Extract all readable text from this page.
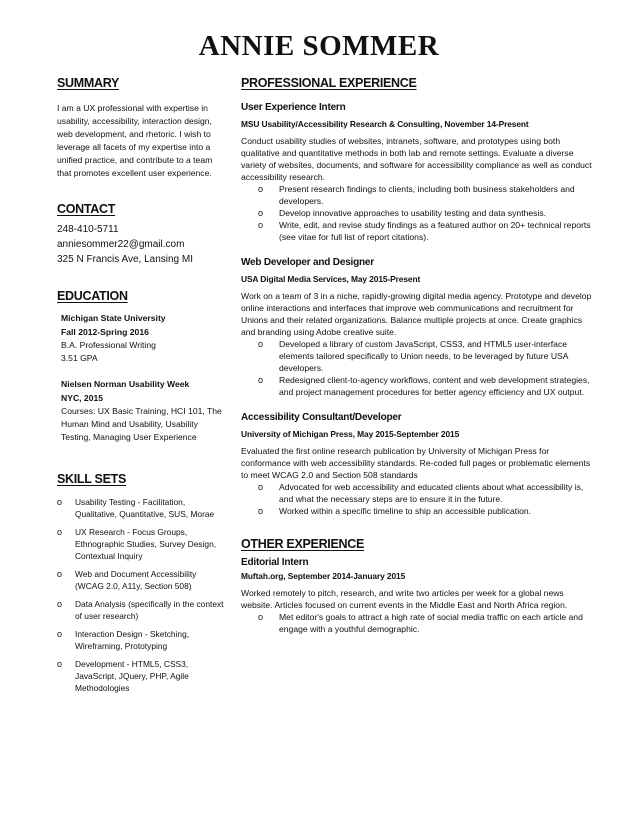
ANNIE SOMMER
SUMMARY
I am a UX professional with expertise in usability, accessibility, interaction design, web development, and rhetoric. I wish to leverage all facets of my expertise into a unified practice, and contribute to a team that promotes excellent user experience.
CONTACT
248-410-5711
anniesommer22@gmail.com
325 N Francis Ave, Lansing MI
EDUCATION
Michigan State University
Fall 2012-Spring 2016
B.A. Professional Writing
3.51 GPA
Nielsen Norman Usability Week
NYC, 2015
Courses: UX Basic Training, HCI 101, The Human Mind and Usability, Usability Testing, Managing User Experience
SKILL SETS
o Usability Testing - Facilitation, Qualitative, Quantitative, SUS, Morae
o UX Research - Focus Groups, Ethnographic Studies, Survey Design, Contextual Inquiry
o Web and Document Accessibility (WCAG 2.0, A11y, Section 508)
o Data Analysis (specifically in the context of user research)
o Interaction Design - Sketching, Wireframing, Prototyping
o Development - HTML5, CSS3, JavaScript, JQuery, PHP, Agile Methodologies
PROFESSIONAL EXPERIENCE
User Experience Intern
MSU Usability/Accessibility Research & Consulting, November 14-Present
Conduct usability studies of websites, intranets, software, and prototypes using both qualitative and quantitative methods in both lab and remote settings. Evaluate a diverse variety of websites, documents, and software for accessibility compliance as well as conduct accessibility research.
o Present research findings to clients, including both business stakeholders and developers.
o Develop innovative approaches to usability testing and data synthesis.
o Write, edit, and revise study findings as a featured author on 20+ technical reports (see vitae for full list of report citations).
Web Developer and Designer
USA Digital Media Services, May 2015-Present
Work on a team of 3 in a niche, rapidly-growing digital media agency. Prototype and develop online interactions and interfaces that improve web communications and recruitment for Unions and their related organizations. Balance multiple projects at once. Create graphics and branding using Adobe creative suite.
o Developed a library of custom JavaScript, CSS3, and HTML5 user-interface elements tailored specifically to Union needs, to be leveraged by future USA developers.
o Redesigned client-to-agency workflows, content and web development strategies, and project management procedures for better agency efficiency and UX output.
Accessibility Consultant/Developer
University of Michigan Press, May 2015-September 2015
Evaluated the first online research publication by University of Michigan Press for conformance with web accessibility standards. Re-coded full pages or problematic elements to meet WCAG 2.0 and Section 508 standards
o Advocated for web accessibility and educated clients about what accessibility is, and what the necessary steps are to ensure it in the future.
o Worked within a specific timeline to ship an accessible publication.
OTHER EXPERIENCE
Editorial Intern
Muftah.org, September 2014-January 2015
Worked remotely to pitch, research, and write two articles per week for a global news website. Articles focused on current events in the Middle East and North Africa region.
o Met editor's goals to attract a high rate of social media traffic on each article and engage with a youthful demographic.
